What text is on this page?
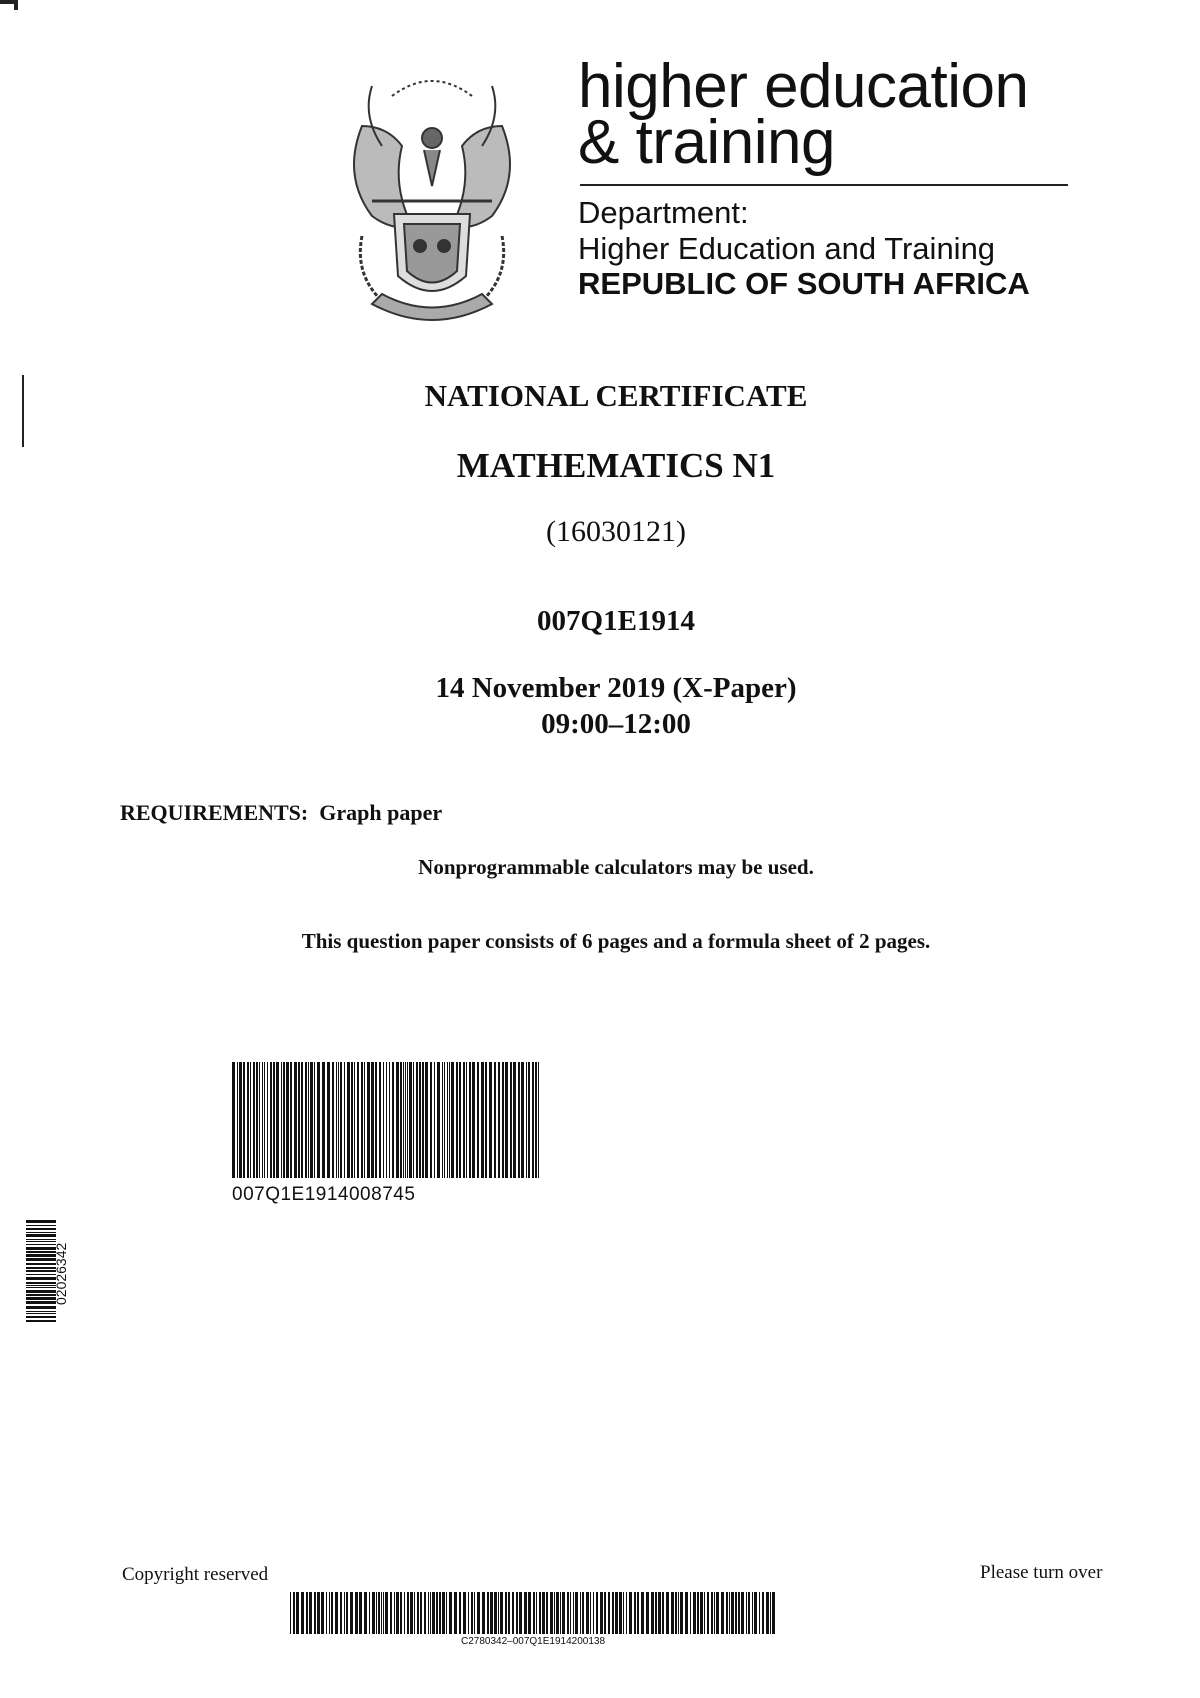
higher education
& training
Department:
Higher Education and Training
REPUBLIC OF SOUTH AFRICA
NATIONAL CERTIFICATE
MATHEMATICS N1
(16030121)
007Q1E1914
14 November 2019 (X-Paper)
09:00–12:00
REQUIREMENTS: Graph paper
Nonprogrammable calculators may be used.
This question paper consists of 6 pages and a formula sheet of 2 pages.
007Q1E1914008745
02026342
Copyright reserved	Please turn over
C2780342–007Q1E1914200138
